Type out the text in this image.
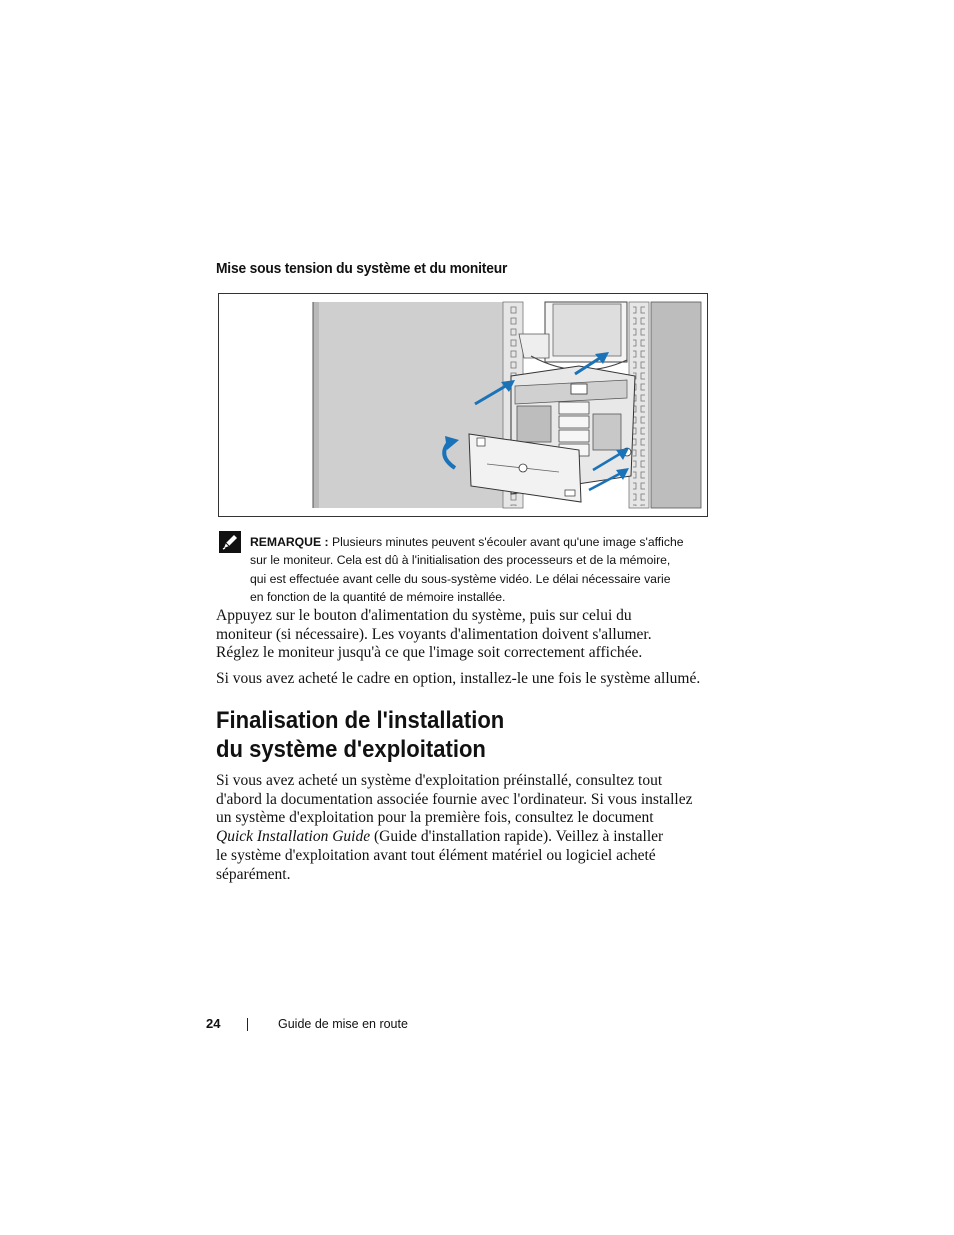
Mise sous tension du système et du moniteur
REMARQUE : Plusieurs minutes peuvent s'écouler avant qu'une image s'affiche
sur le moniteur. Cela est dû à l'initialisation des processeurs et de la mémoire,
qui est effectuée avant celle du sous-système vidéo. Le délai nécessaire varie
en fonction de la quantité de mémoire installée.
Appuyez sur le bouton d'alimentation du système, puis sur celui du
moniteur (si nécessaire). Les voyants d'alimentation doivent s'allumer.
Réglez le moniteur jusqu'à ce que l'image soit correctement affichée.
Si vous avez acheté le cadre en option, installez-le une fois le système allumé.
Finalisation de l'installation
du système d'exploitation
Si vous avez acheté un système d'exploitation préinstallé, consultez tout
d'abord la documentation associée fournie avec l'ordinateur. Si vous installez
un système d'exploitation pour la première fois, consultez le document
Quick Installation Guide (Guide d'installation rapide). Veillez à installer
le système d'exploitation avant tout élément matériel ou logiciel acheté
séparément.
24	Guide de mise en route
